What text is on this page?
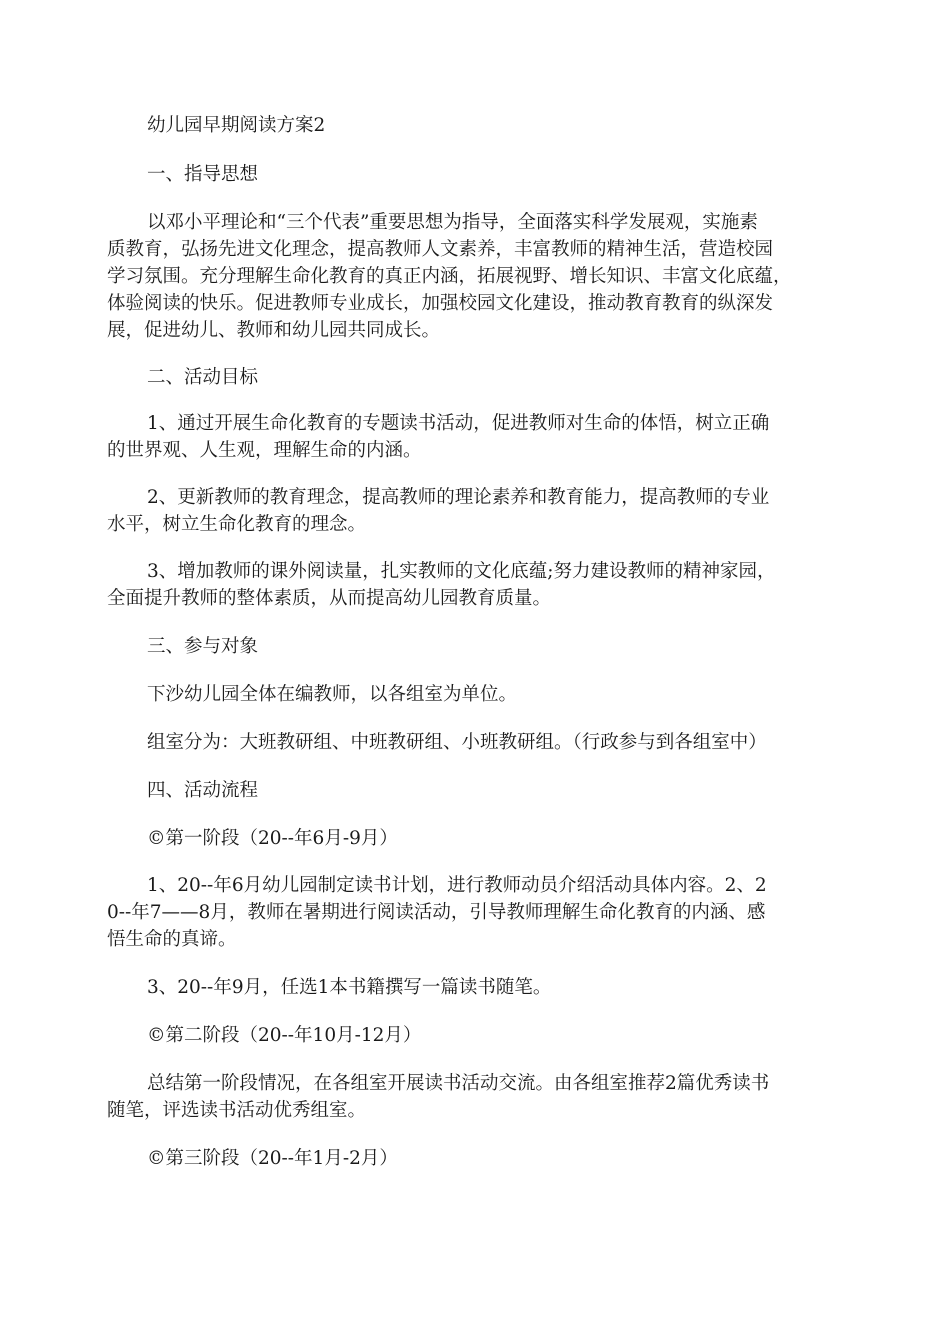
幼儿园早期阅读方案2

一、指导思想

以邓小平理论和“三个代表”重要思想为指导，全面落实科学发展观，实施素

质教育，弘扬先进文化理念，提高教师人文素养，丰富教师的精神生活，营造校园

学习氛围。充分理解生命化教育的真正内涵，拓展视野、增长知识、丰富文化底蕴，

体验阅读的快乐。促进教师专业成长，加强校园文化建设，推动教育教育的纵深发

展，促进幼儿、教师和幼儿园共同成长。

二、活动目标

1、通过开展生命化教育的专题读书活动，促进教师对生命的体悟，树立正确

的世界观、人生观，理解生命的内涵。

2、更新教师的教育理念，提高教师的理论素养和教育能力，提高教师的专业

水平，树立生命化教育的理念。

3、增加教师的课外阅读量，扎实教师的文化底蕴;努力建设教师的精神家园，

全面提升教师的整体素质，从而提高幼儿园教育质量。

三、参与对象

下沙幼儿园全体在编教师，以各组室为单位。

组室分为：大班教研组、中班教研组、小班教研组。（行政参与到各组室中）

四、活动流程

©第一阶段（20--年6月-9月）

1、20--年6月幼儿园制定读书计划，进行教师动员介绍活动具体内容。2、2

0--年7——8月，教师在暑期进行阅读活动，引导教师理解生命化教育的内涵、感

悟生命的真谛。

3、20--年9月，任选1本书籍撰写一篇读书随笔。

©第二阶段（20--年10月-12月）

总结第一阶段情况，在各组室开展读书活动交流。由各组室推荐2篇优秀读书

随笔，评选读书活动优秀组室。

©第三阶段（20--年1月-2月）
